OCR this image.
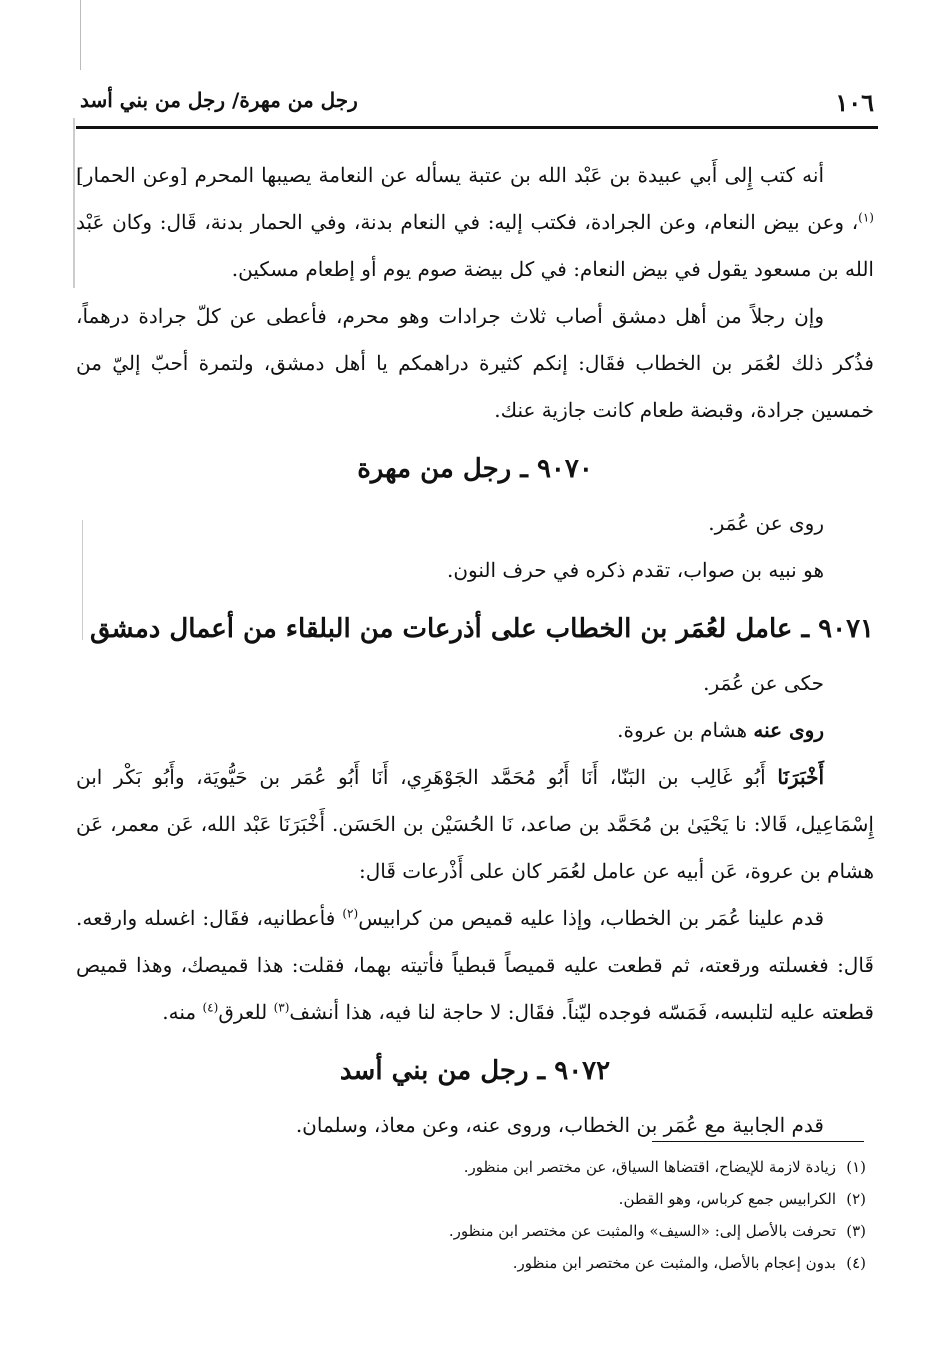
١٠٦
رجل من مهرة/ رجل من بني أسد

أنه كتب إِلى أَبي عبيدة بن عَبْد الله بن عتبة يسأله عن النعامة يصيبها المحرم [وعن الحمار]$^{(١)}$، وعن بيض النعام، وعن الجرادة، فكتب إليه: في النعام بدنة، وفي الحمار بدنة، قَال: وكان عَبْد الله بن مسعود يقول في بيض النعام: في كل بيضة صوم يوم أو إطعام مسكين.

وإن رجلاً من أهل دمشق أصاب ثلاث جرادات وهو محرم، فأعطى عن كلّ جرادة درهماً، فذُكر ذلك لعُمَر بن الخطاب فقَال: إنكم كثيرة دراهمكم يا أهل دمشق، ولتمرة أحبّ إليّ من خمسين جرادة، وقبضة طعام كانت جازية عنك.

٩٠٧٠ ـ رجل من مهرة

روى عن عُمَر.

هو نبيه بن صواب، تقدم ذكره في حرف النون.

٩٠٧١ ـ عامل لعُمَر بن الخطاب على أذرعات من البلقاء من أعمال دمشق

حكى عن عُمَر.

روى عنه هشام بن عروة.

أَخْبَرَنَا أَبُو غَالِب بن البَنّا، أَنَا أَبُو مُحَمَّد الجَوْهَرِي، أَنَا أَبُو عُمَر بن حَيُّويَة، وأَبُو بَكْر ابن إِسْمَاعِيل، قَالا: نا يَحْيَىٰ بن مُحَمَّد بن صاعد، نَا الحُسَيْن بن الحَسَن. أَخْبَرَنَا عَبْد الله، عَن معمر، عَن هشام بن عروة، عَن أبيه عن عامل لعُمَر كان على أَذْرعات قَال:

قدم علينا عُمَر بن الخطاب، وإذا عليه قميص من كرابيس$^{(٢)}$ فأعطانيه، فقَال: اغسله وارقعه. قَال: فغسلته ورقعته، ثم قطعت عليه قميصاً قبطياً فأتيته بهما، فقلت: هذا قميصك، وهذا قميص قطعته عليه لتلبسه، فَمَسّه فوجده ليّناً. فقَال: لا حاجة لنا فيه، هذا أنشف$^{(٣)}$ للعرق$^{(٤)}$ منه.

٩٠٧٢ ـ رجل من بني أسد

قدم الجابية مع عُمَر بن الخطاب، وروى عنه، وعن معاذ، وسلمان.

(١)زيادة لازمة للإيضاح، اقتضاها السياق، عن مختصر ابن منظور.

(٢)الكرابيس جمع كرباس، وهو القطن.

(٣)تحرفت بالأصل إلى: «السيف» والمثبت عن مختصر ابن منظور.

(٤)بدون إعجام بالأصل، والمثبت عن مختصر ابن منظور.
